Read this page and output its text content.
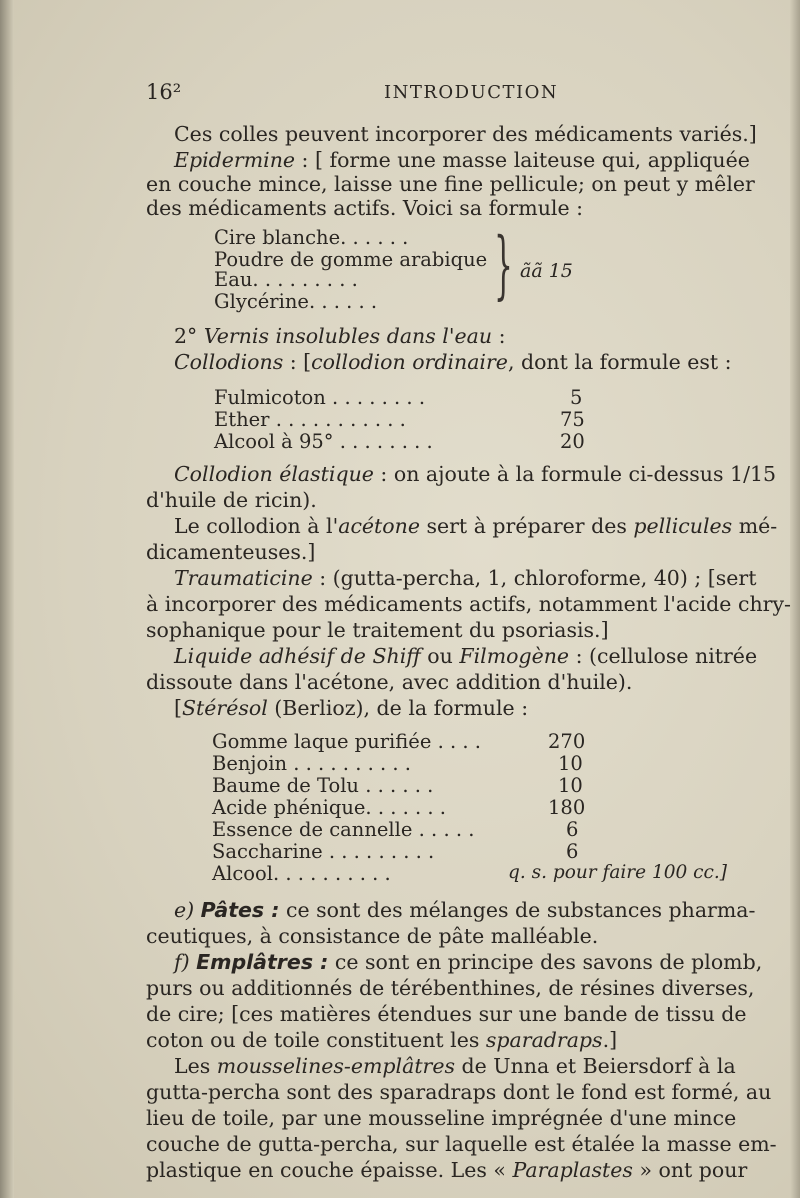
16²	INTRODUCTION
Ces colles peuvent incorporer des médicaments variés.]
Epidermine : [ forme une masse laiteuse qui, appliquée
en couche mince, laisse une fine pellicule; on peut y mêler
des médicaments actifs. Voici sa formule :
Cire blanche. . . . . .
Poudre de gomme arabique
Eau. . . . . . . . .
Glycérine. . . . . . } ãã 15
2° Vernis insolubles dans l'eau :
Collodions : [collodion ordinaire, dont la formule est :
Fulmicoton . . . . . . . .	5
Ether . . . . . . . . . . .	75
Alcool à 95° . . . . . . . .	20
Collodion élastique : on ajoute à la formule ci-dessus 1/15
d'huile de ricin).
Le collodion à l'acétone sert à préparer des pellicules mé-
dicamenteuses.]
Traumaticine : (gutta-percha, 1, chloroforme, 40) ; [sert
à incorporer des médicaments actifs, notamment l'acide chry-
sophanique pour le traitement du psoriasis.]
Liquide adhésif de Shiff ou Filmogène : (cellulose nitrée
dissoute dans l'acétone, avec addition d'huile).
[Stérésol (Berlioz), de la formule :
Gomme laque purifiée . . . .	270
Benjoin . . . . . . . . . .	10
Baume de Tolu . . . . . .	10
Acide phénique. . . . . . .	180
Essence de cannelle . . . . .	6
Saccharine . . . . . . . . .	6
Alcool. . . . . . . . . .	q. s. pour faire 100 cc.]
e) Pâtes : ce sont des mélanges de substances pharma-
ceutiques, à consistance de pâte malléable.
f) Emplâtres : ce sont en principe des savons de plomb,
purs ou additionnés de térébenthines, de résines diverses,
de cire; [ces matières étendues sur une bande de tissu de
coton ou de toile constituent les sparadraps.]
Les mousselines-emplâtres de Unna et Beiersdorf à la
gutta-percha sont des sparadraps dont le fond est formé, au
lieu de toile, par une mousseline imprégnée d'une mince
couche de gutta-percha, sur laquelle est étalée la masse em-
plastique en couche épaisse. Les « Paraplastes » ont pour
